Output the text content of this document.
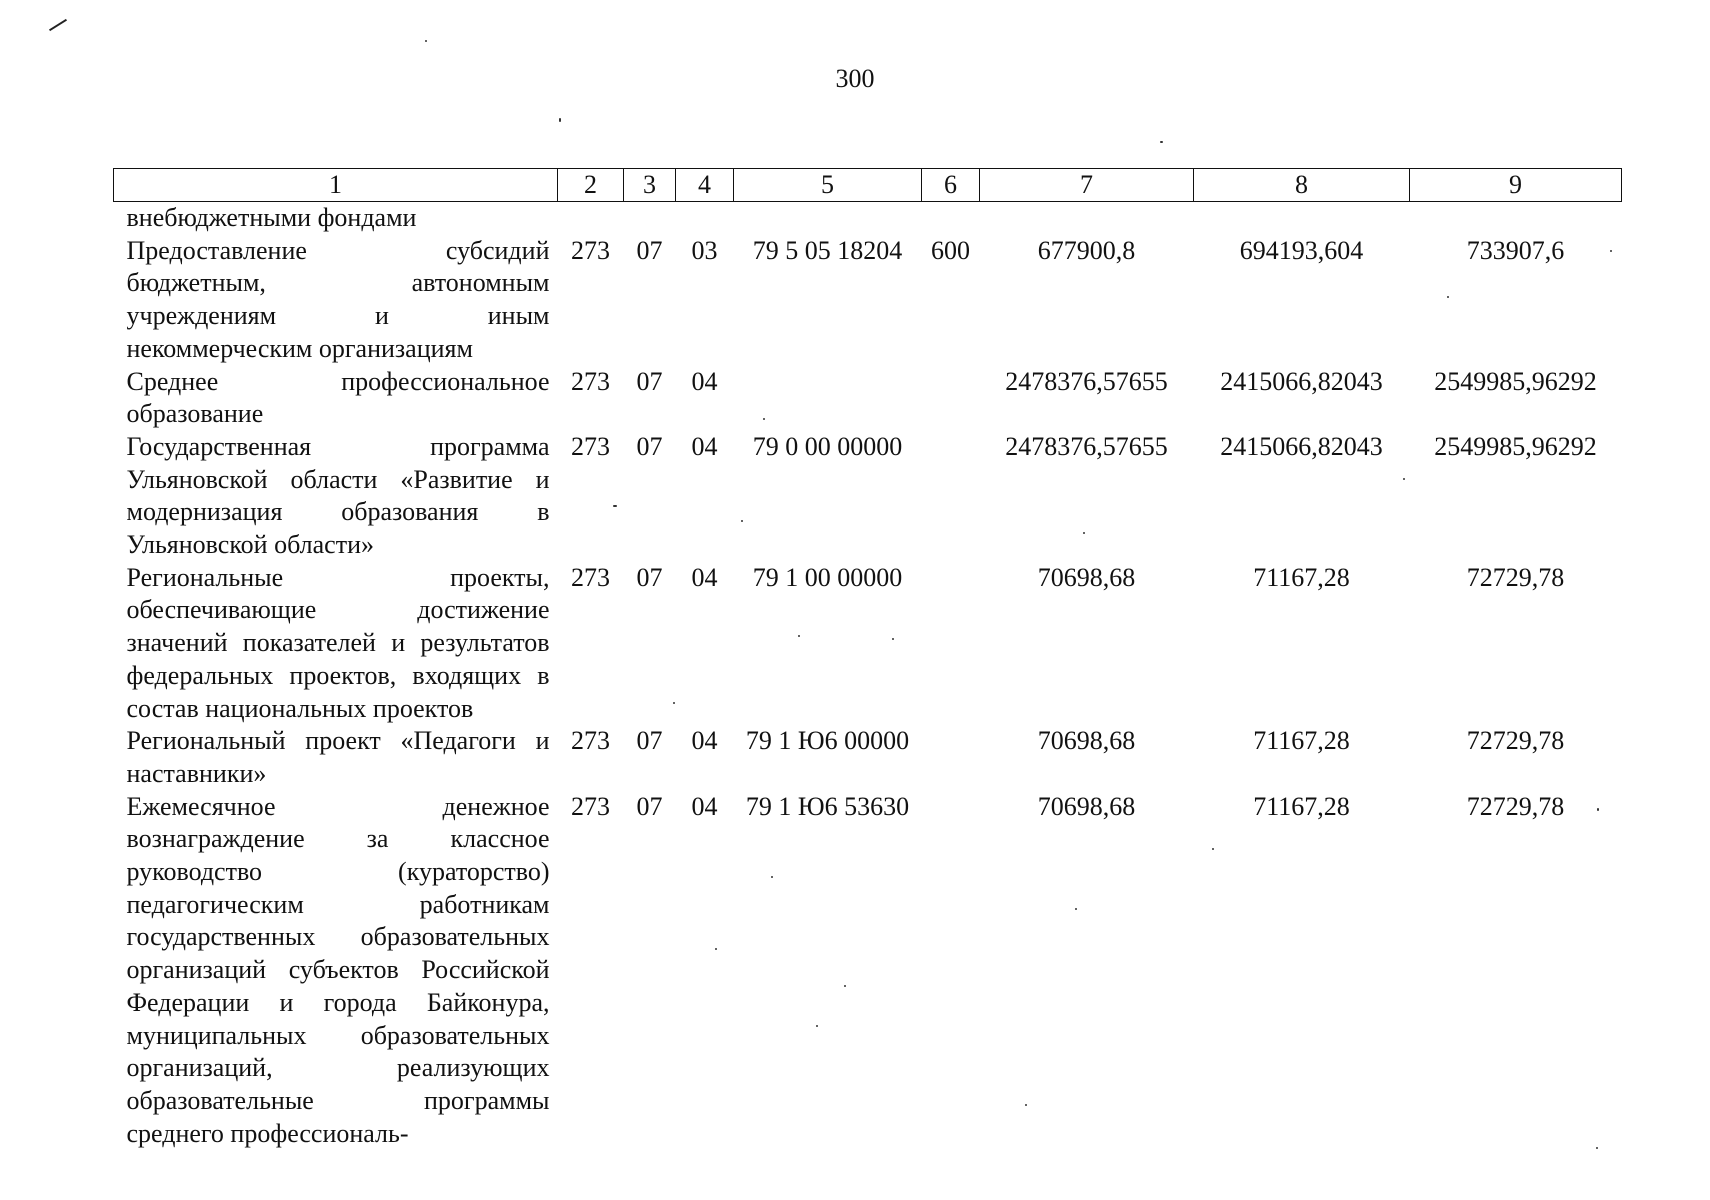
300
1	2	3	4	5	6	7	8	9
внебюджетными фондами								
Предоставление субсидий бюджетным, автономным учреждениям и иным некоммерческим организациям	273	07	03	79 5 05 18204	600	677900,8	694193,604	733907,6
Среднее профессиональное образование	273	07	04			2478376,57655	2415066,82043	2549985,96292
Государственная программа Ульяновской области «Развитие и модернизация образования в Ульяновской области»	273	07	04	79 0 00 00000		2478376,57655	2415066,82043	2549985,96292
Региональные проекты, обеспечивающие достижение значений показателей и результатов федеральных проектов, входящих в состав национальных проектов	273	07	04	79 1 00 00000		70698,68	71167,28	72729,78
Региональный проект «Педагоги и наставники»	273	07	04	79 1 Ю6 00000		70698,68	71167,28	72729,78
Ежемесячное денежное вознаграждение за классное руководство (кураторство) педагогическим работникам государственных образовательных организаций субъектов Российской Федерации и города Байконура, муниципальных образовательных организаций, реализующих образовательные программы среднего профессиональ-	273	07	04	79 1 Ю6 53630		70698,68	71167,28	72729,78
